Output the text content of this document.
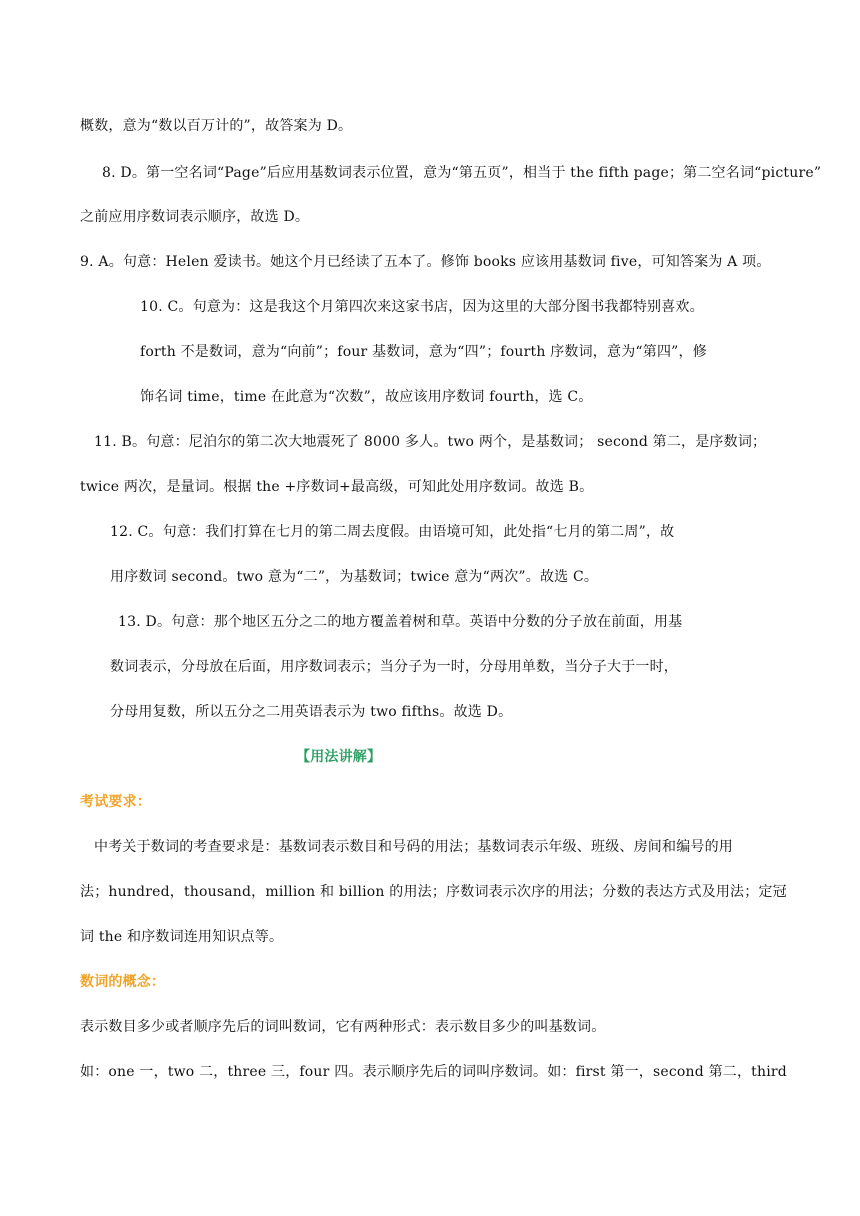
概数，意为“数以百万计的”，故答案为 D。
8. D。第一空名词“Page”后应用基数词表示位置，意为“第五页”，相当于 the fifth page；第二空名词“picture”
之前应用序数词表示顺序，故选 D。
9. A。句意：Helen 爱读书。她这个月已经读了五本了。修饰 books 应该用基数词 five，可知答案为 A 项。
10. C。句意为：这是我这个月第四次来这家书店，因为这里的大部分图书我都特别喜欢。
forth 不是数词，意为“向前”；four 基数词，意为“四”；fourth 序数词，意为“第四”，修
饰名词 time，time 在此意为“次数”，故应该用序数词 fourth，选 C。
11. B。句意：尼泊尔的第二次大地震死了 8000 多人。two 两个，是基数词； second 第二，是序数词；
twice 两次，是量词。根据 the +序数词+最高级，可知此处用序数词。故选 B。
12. C。句意：我们打算在七月的第二周去度假。由语境可知，此处指“七月的第二周”，故
用序数词 second。two 意为“二”，为基数词；twice 意为“两次”。故选 C。
13. D。句意：那个地区五分之二的地方覆盖着树和草。英语中分数的分子放在前面，用基
数词表示，分母放在后面，用序数词表示；当分子为一时，分母用单数，当分子大于一时，
分母用复数，所以五分之二用英语表示为 two fifths。故选 D。
【用法讲解】
考试要求：
中考关于数词的考查要求是：基数词表示数目和号码的用法；基数词表示年级、班级、房间和编号的用
法；hundred，thousand，million 和 billion 的用法；序数词表示次序的用法；分数的表达方式及用法；定冠
词 the 和序数词连用知识点等。
数词的概念：
表示数目多少或者顺序先后的词叫数词，它有两种形式：表示数目多少的叫基数词。
如：one 一，two 二，three 三，four 四。表示顺序先后的词叫序数词。如：first 第一，second 第二，third
